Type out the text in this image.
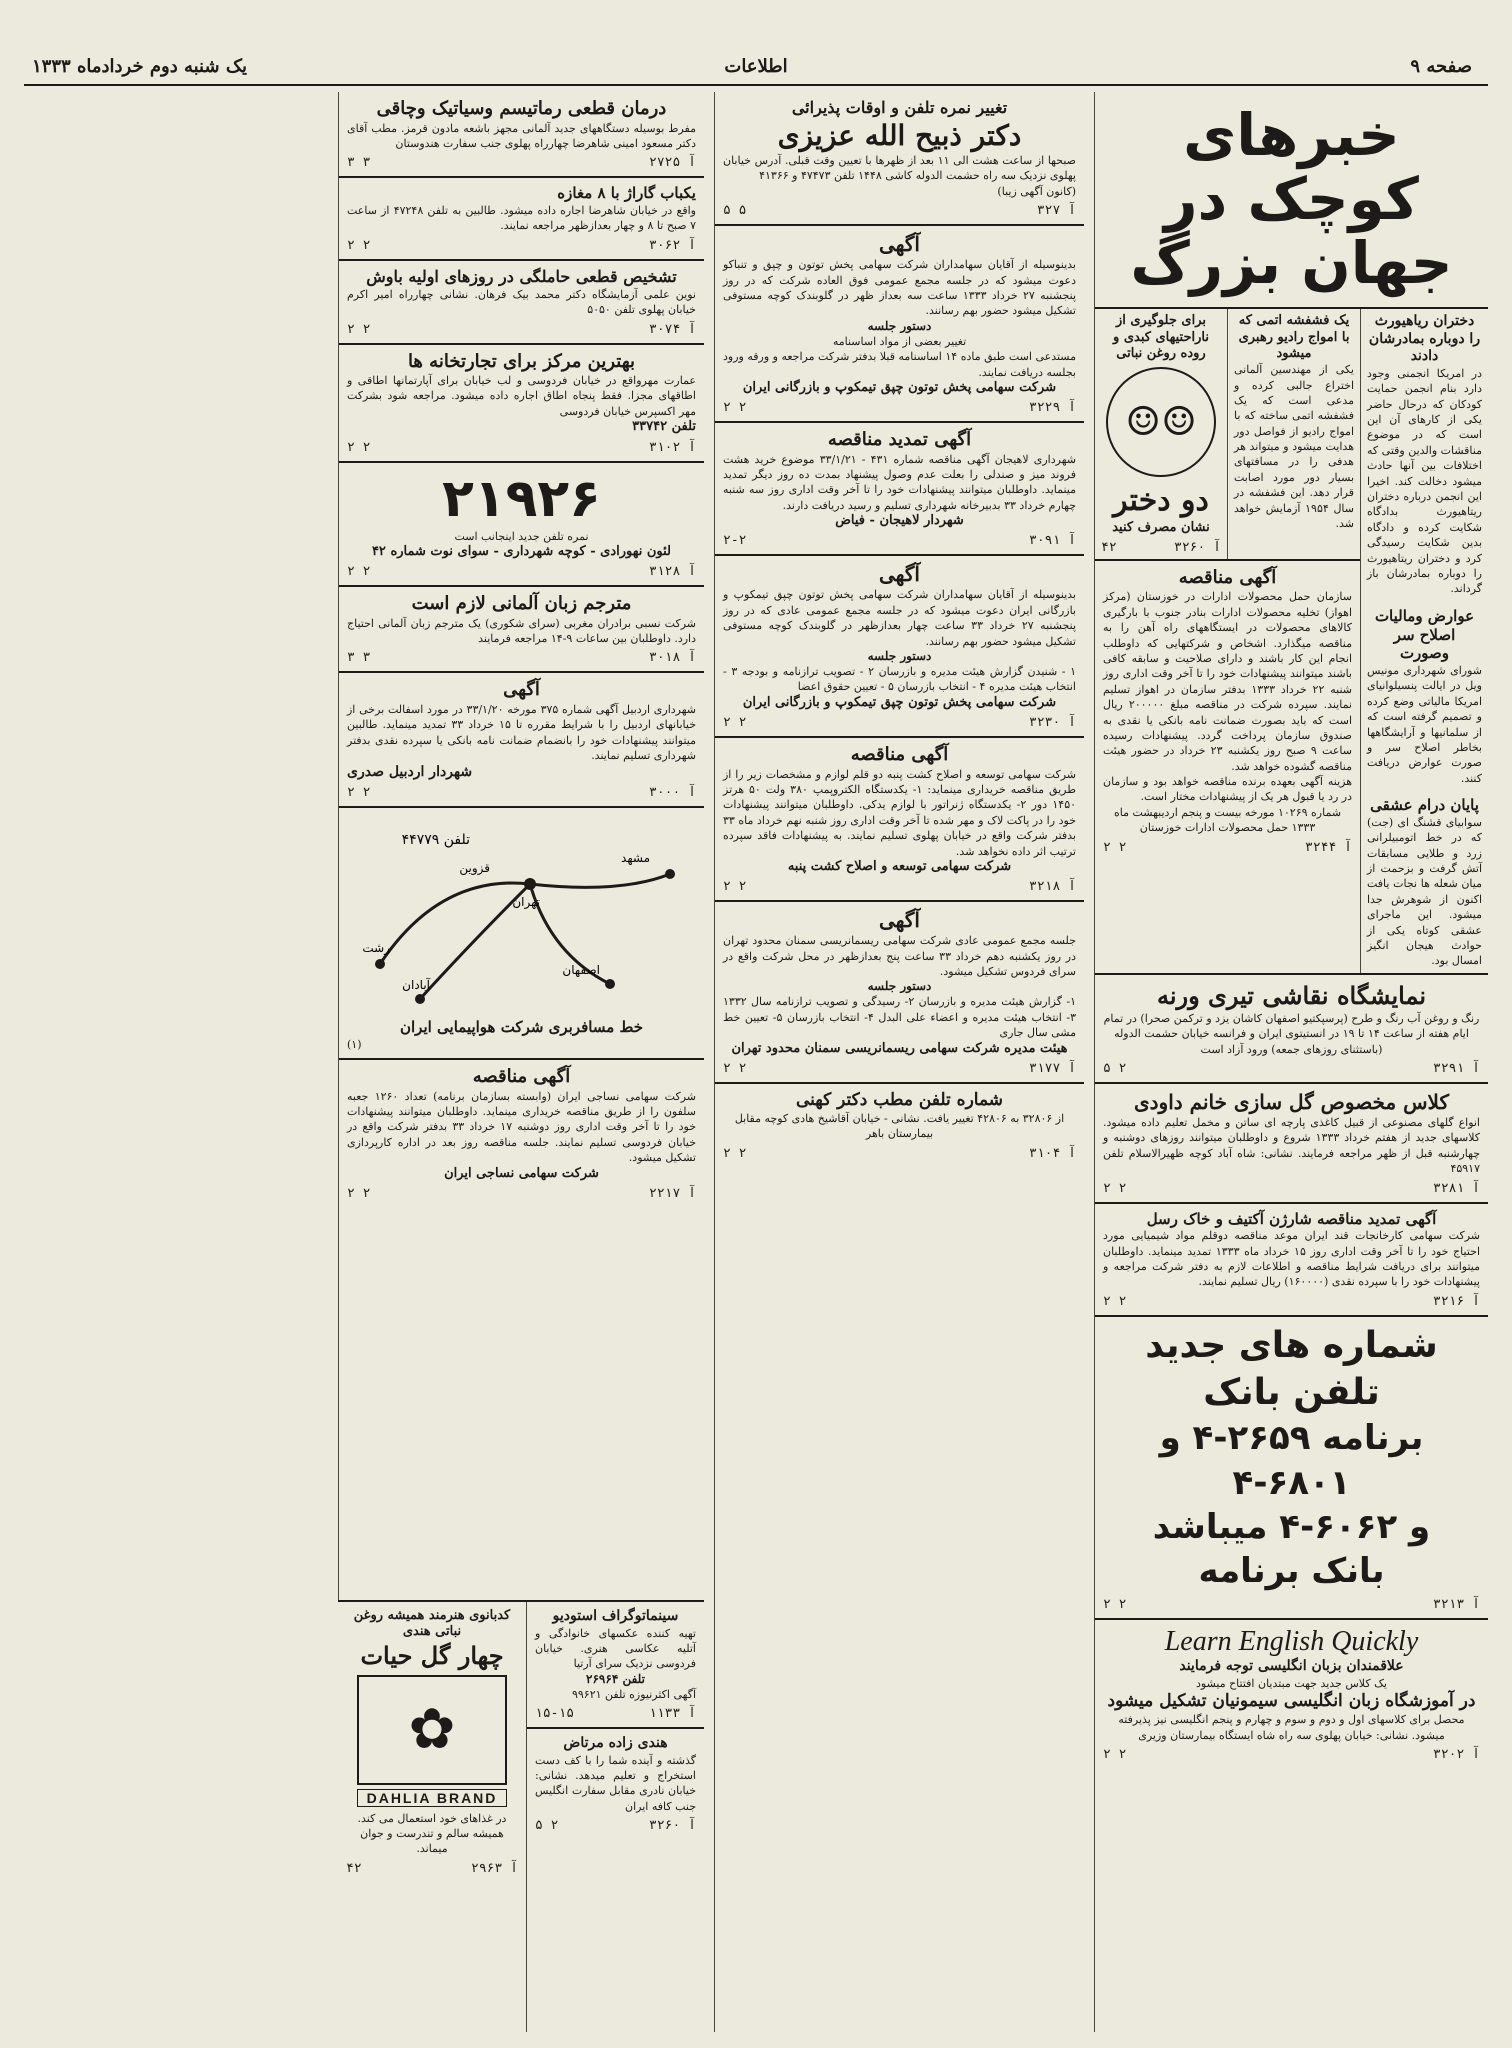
صفحه ۹
اطلاعات
یک شنبه دوم خردادماه ۱۳۳۳
خبرهای کوچک در جهان بزرگ
دختران ریاهیورث را دوباره بمادرشان دادند
در امریکا انجمنی وجود دارد بنام انجمن حمایت کودکان که درحال حاضر یکی از کارهای آن این است که در موضوع مناقشات والدین وقتی که اختلافات بین آنها حادث میشود دخالت کند. اخیرا این انجمن درباره دختران ریتاهیورث بدادگاه شکایت کرده و دادگاه بدین شکایت رسیدگی کرد و دختران ریتاهیورث را دوباره بمادرشان باز گرداند.
عوارض ومالیات اصلاح سر وصورت
شورای شهرداری مونیس ویل در ایالت پنسیلوانیای امریکا مالیاتی وضع کرده و تصمیم گرفته است که از سلمانیها و آرایشگاهها بخاطر اصلاح سر و صورت عوارض دریافت کنند.
پایان درام عشقی
سوابیای قشنگ ای (جت) که در خط اتومبیلرانی زرد و طلایی مسابقات آتش گرفت و بزحمت از میان شعله ها نجات یافت اکنون از شوهرش جدا میشود. این ماجرای عشقی کوتاه یکی از حوادث هیجان انگیز امسال بود.
یک فشفشه اتمی که با امواج رادیو رهبری میشود
یکی از مهندسین آلمانی اختراع جالبی کرده و مدعی است که یک فشفشه اتمی ساخته که با امواج رادیو از فواصل دور هدایت میشود و میتواند هر هدفی را در مسافتهای بسیار دور مورد اصابت قرار دهد. این فشفشه در سال ۱۹۵۴ آزمایش خواهد شد.
برای جلوگیری از ناراحتیهای کبدی و روده روغن نباتی
☺☺
دو دختر
نشان مصرف کنید
۴۲	آ ۳۲۶۰
آگهی مناقصه
سازمان حمل محصولات ادارات در خوزستان (مرکز اهواز) تخلیه محصولات ادارات بنادر جنوب با بارگیری کالاهای محصولات در ایستگاههای راه آهن را به مناقصه میگذارد. اشخاص و شرکتهایی که داوطلب انجام این کار باشند و دارای صلاحیت و سابقه کافی باشند میتوانند پیشنهادات خود را تا آخر وقت اداری روز شنبه ۲۲ خرداد ۱۳۳۳ بدفتر سازمان در اهواز تسلیم نمایند. سپرده شرکت در مناقصه مبلغ ۲۰۰۰۰۰ ریال است که باید بصورت ضمانت نامه بانکی یا نقدی به صندوق سازمان پرداخت گردد. پیشنهادات رسیده ساعت ۹ صبح روز یکشنبه ۲۳ خرداد در حضور هیئت مناقصه گشوده خواهد شد.
هزینه آگهی بعهده برنده مناقصه خواهد بود و سازمان در رد یا قبول هر یک از پیشنهادات مختار است.
شماره ۱۰۲۶۹ مورخه بیست و پنجم اردیبهشت ماه ۱۳۳۳ حمل محصولات ادارات خوزستان
۲ ۲	آ ۳۲۴۴
نمایشگاه نقاشی تیری ورنه
رنگ و روغن آب رنگ و طرح (پرسپکتیو اصفهان کاشان یزد و ترکمن صحرا) در تمام ایام هفته از ساعت ۱۴ تا ۱۹ در انستیتوی ایران و فرانسه خیابان حشمت الدوله (باستثنای روزهای جمعه) ورود آزاد است
۵ ۲	آ ۳۲۹۱
کلاس مخصوص گل سازی خانم داودی
انواع گلهای مصنوعی از قبیل کاغذی پارچه ای ساتن و مخمل تعلیم داده میشود. کلاسهای جدید از هفتم خرداد ۱۳۳۳ شروع و داوطلبان میتوانند روزهای دوشنبه و چهارشنبه قبل از ظهر مراجعه فرمایند. نشانی: شاه آباد کوچه ظهیرالاسلام تلفن ۴۵۹۱۷
۲ ۲	آ ۳۲۸۱
آگهی تمدید مناقصه شارژن آکتیف و خاک رسل
شرکت سهامی کارخانجات قند ایران موعد مناقصه دوقلم مواد شیمیایی مورد احتیاج خود را تا آخر وقت اداری روز ۱۵ خرداد ماه ۱۳۳۳ تمدید مینماید. داوطلبان میتوانند برای دریافت شرایط مناقصه و اطلاعات لازم به دفتر شرکت مراجعه و پیشنهادات خود را با سپرده نقدی (۱۶۰۰۰۰) ریال تسلیم نمایند.
۲ ۲	آ ۳۲۱۶
شماره های جدید تلفن بانک
برنامه ۲۶۵۹-۴ و ۶۸۰۱-۴
و ۶۰۶۲-۴ میباشد
بانک برنامه
۲ ۲	آ ۳۲۱۳
Learn English Quickly
علاقمندان بزبان انگلیسی توجه فرمایند
یک کلاس جدید جهت مبتدیان افتتاح میشود
در آموزشگاه زبان انگلیسی سیمونیان تشکیل میشود
محصل برای کلاسهای اول و دوم و سوم و چهارم و پنجم انگلیسی نیز پذیرفته میشود. نشانی: خیابان پهلوی سه راه شاه ایستگاه بیمارستان وزیری
۲ ۲	آ ۳۲۰۲
تغییر نمره تلفن و اوقات پذیرائی
دکتر ذبیح الله عزیزی
صبحها از ساعت هشت الی ۱۱ بعد از ظهرها با تعیین وقت قبلی. آدرس خیابان پهلوی نزدیک سه راه حشمت الدوله کاشی ۱۴۴۸ تلفن ۴۷۴۷۳ و ۴۱۳۶۶
(کانون آگهی زیبا)
۵ ۵	آ ۳۲۷
آگهی
بدینوسیله از آقایان سهامداران شرکت سهامی پخش توتون و چپق و تنباکو دعوت میشود که در جلسه مجمع عمومی فوق العاده شرکت که در روز پنجشنبه ۲۷ خرداد ۱۳۳۳ ساعت سه بعداز ظهر در گلوبندک کوچه مستوفی تشکیل میشود حضور بهم رسانند.
دستور جلسه
تغییر بعضی از مواد اساسنامه
مستدعی است طبق ماده ۱۴ اساسنامه قبلا بدفتر شرکت مراجعه و ورقه ورود بجلسه دریافت نمایند.
شرکت سهامی پخش توتون چپق تیمکوپ و بازرگانی ایران
۲ ۲	آ ۳۲۲۹
آگهی تمدید مناقصه
شهرداری لاهیجان آگهی مناقصه شماره ۴۳۱ - ۳۳/۱/۲۱ موضوع خرید هشت فروند میز و صندلی را بعلت عدم وصول پیشنهاد بمدت ده روز دیگر تمدید مینماید. داوطلبان میتوانند پیشنهادات خود را تا آخر وقت اداری روز سه شنبه چهارم خرداد ۳۳ بدبیرخانه شهرداری تسلیم و رسید دریافت دارند.
شهردار لاهیجان - فیاض
۲-۲	آ ۳۰۹۱
آگهی
بدینوسیله از آقایان سهامداران شرکت سهامی پخش توتون چپق تیمکوپ و بازرگانی ایران دعوت میشود که در جلسه مجمع عمومی عادی که در روز پنجشنبه ۲۷ خرداد ۳۳ ساعت چهار بعدازظهر در گلوبندک کوچه مستوفی تشکیل میشود حضور بهم رسانند.
دستور جلسه
۱ - شنیدن گزارش هیئت مدیره و بازرسان ۲ - تصویب ترازنامه و بودجه ۳ - انتخاب هیئت مدیره ۴ - انتخاب بازرسان ۵ - تعیین حقوق اعضا
شرکت سهامی پخش توتون چپق تیمکوپ و بازرگانی ایران
۲ ۲	آ ۳۲۳۰
آگهی مناقصه
شرکت سهامی توسعه و اصلاح کشت پنبه دو قلم لوازم و مشخصات زیر را از طریق مناقصه خریداری مینماید: ۱- یکدستگاه الکتروپمپ ۳۸۰ ولت ۵۰ هرتز ۱۴۵۰ دور ۲- یکدستگاه ژنراتور با لوازم یدکی. داوطلبان میتوانند پیشنهادات خود را در پاکت لاک و مهر شده تا آخر وقت اداری روز شنبه نهم خرداد ماه ۳۳ بدفتر شرکت واقع در خیابان پهلوی تسلیم نمایند. به پیشنهادات فاقد سپرده ترتیب اثر داده نخواهد شد.
شرکت سهامی توسعه و اصلاح کشت پنبه
۲ ۲	آ ۳۲۱۸
آگهی
جلسه مجمع عمومی عادی شرکت سهامی ریسمانریسی سمنان محدود تهران در روز یکشنبه دهم خرداد ۳۳ ساعت پنج بعدازظهر در محل شرکت واقع در سرای فردوس تشکیل میشود.
دستور جلسه
۱- گزارش هیئت مدیره و بازرسان ۲- رسیدگی و تصویب ترازنامه سال ۱۳۳۲ ۳- انتخاب هیئت مدیره و اعضاء علی البدل ۴- انتخاب بازرسان ۵- تعیین خط مشی سال جاری
هیئت مدیره شرکت سهامی ریسمانریسی سمنان محدود تهران
۲ ۲	آ ۳۱۷۷
شماره تلفن مطب دکتر کهنی
از ۳۲۸۰۶ به ۴۲۸۰۶ تغییر یافت. نشانی - خیابان آقاشیخ هادی کوچه مقابل بیمارستان باهر
۲ ۲	آ ۳۱۰۴
درمان قطعی رماتیسم وسیاتیک وچاقی
مفرط بوسیله دستگاههای جدید آلمانی مجهز باشعه مادون قرمز. مطب آقای دکتر مسعود امینی شاهرضا چهارراه پهلوی جنب سفارت هندوستان
۳ ۳	آ ۲۷۲۵
یکباب گاراژ با ۸ مغازه
واقع در خیابان شاهرضا اجاره داده میشود. طالبین به تلفن ۴۷۲۴۸ از ساعت ۷ صبح تا ۸ و چهار بعدازظهر مراجعه نمایند.
۲ ۲	آ ۳۰۶۲
تشخیص قطعی حاملگی در روزهای اولیه باوش
نوین علمی آزمایشگاه دکتر محمد بیک فرهان. نشانی چهارراه امیر اکرم خیابان پهلوی تلفن ۵۰۵۰
۲ ۲	آ ۳۰۷۴
بهترین مرکز برای تجارتخانه ها
عمارت مهرواقع در خیابان فردوسی و لب خیابان برای آپارتمانها اطاقی و اطاقهای مجزا. فقط پنجاه اطاق اجاره داده میشود. مراجعه شود بشرکت مهر اکسپرس خیابان فردوسی
تلفن ۳۳۷۴۲
۲ ۲	آ ۳۱۰۲
۲۱۹۲۶
نمره تلفن جدید اینجانب است
لئون نهورادی - کوچه شهرداری - سوای نوت شماره ۴۲
۲ ۲	آ ۳۱۲۸
مترجم زبان آلمانی لازم است
شرکت نسبی برادران مغربی (سرای شکوری) یک مترجم زبان آلمانی احتیاج دارد. داوطلبان بین ساعات ۹-۱۴ مراجعه فرمایند
۳ ۳	آ ۳۰۱۸
آگهی
شهرداری اردبیل آگهی شماره ۳۷۵ مورخه ۳۳/۱/۲۰ در مورد اسفالت برخی از خیابانهای اردبیل را با شرایط مقرره تا ۱۵ خرداد ۳۳ تمدید مینماید. طالبین میتوانند پیشنهادات خود را بانضمام ضمانت نامه بانکی یا سپرده نقدی بدفتر شهرداری تسلیم نمایند.
شهردار اردبیل صدری
۲ ۲	آ ۳۰۰۰
تلفن ۴۴۷۷۹
قزوین
تهران
مشهد
رشت
اصفهان
آبادان
خط مسافربری شرکت هواپیمایی ایران
(۱)
آگهی مناقصه
شرکت سهامی نساجی ایران (وابسته بسازمان برنامه) تعداد ۱۲۶۰ جعبه سلفون را از طریق مناقصه خریداری مینماید. داوطلبان میتوانند پیشنهادات خود را تا آخر وقت اداری روز دوشنبه ۱۷ خرداد ۳۳ بدفتر شرکت واقع در خیابان فردوسی تسلیم نمایند. جلسه مناقصه روز بعد در اداره کارپردازی تشکیل میشود.
شرکت سهامی نساجی ایران
۲ ۲	آ ۲۲۱۷
سینماتوگراف استودیو
تهیه کننده عکسهای خانوادگی و آتلیه عکاسی هنری. خیابان فردوسی نزدیک سرای آرتیا
تلفن ۲۶۹۶۴
آگهی اکثرنیوزه تلفن ۹۹۶۲۱
۱۵-۱۵	آ ۱۱۳۳
هندی زاده مرتاض
گذشته و آینده شما را با کف دست استخراج و تعلیم میدهد. نشانی: خیابان نادری مقابل سفارت انگلیس جنب کافه ایران
۵ ۲	آ ۳۲۶۰
کدبانوی هنرمند همیشه روغن نباتی هندی
چهار گل حیات
✿
DAHLIA BRAND
در غذاهای خود استعمال می کند. همیشه سالم و تندرست و جوان میماند.
۴۲	آ ۲۹۶۳
